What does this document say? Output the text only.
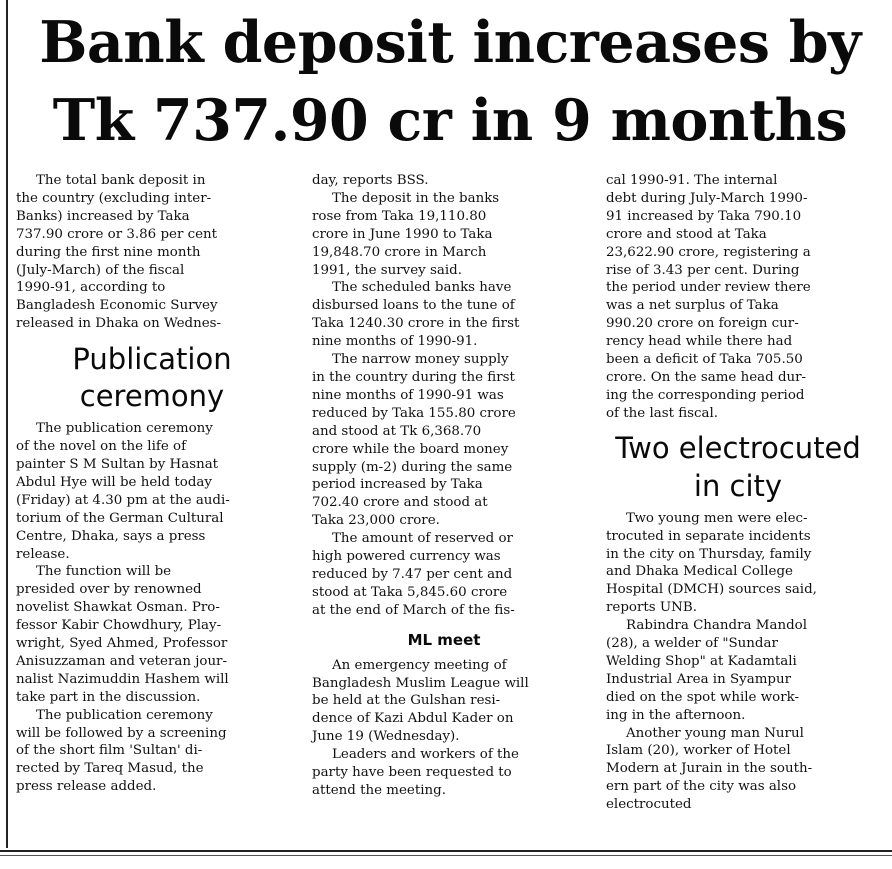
Bank deposit increases by
Tk 737.90 cr in 9 months

The total bank deposit in
the country (excluding inter-
Banks) increased by Taka
737.90 crore or 3.86 per cent
during the first nine month
(July-March) of the fiscal
1990-91, according to
Bangladesh Economic Survey
released in Dhaka on Wednes-

Publication
ceremony

The publication ceremony
of the novel on the life of
painter S M Sultan by Hasnat
Abdul Hye will be held today
(Friday) at 4.30 pm at the audi-
torium of the German Cultural
Centre, Dhaka, says a press
release.

The function will be
presided over by renowned
novelist Shawkat Osman. Pro-
fessor Kabir Chowdhury, Play-
wright, Syed Ahmed, Professor
Anisuzzaman and veteran jour-
nalist Nazimuddin Hashem will
take part in the discussion.

The publication ceremony
will be followed by a screening
of the short film 'Sultan' di-
rected by Tareq Masud, the
press release added.

day, reports BSS.

The deposit in the banks
rose from Taka 19,110.80
crore in June 1990 to Taka
19,848.70 crore in March
1991, the survey said.

The scheduled banks have
disbursed loans to the tune of
Taka 1240.30 crore in the first
nine months of 1990-91.

The narrow money supply
in the country during the first
nine months of 1990-91 was
reduced by Taka 155.80 crore
and stood at Tk 6,368.70
crore while the board money
supply (m-2) during the same
period increased by Taka
702.40 crore and stood at
Taka 23,000 crore.

The amount of reserved or
high powered currency was
reduced by 7.47 per cent and
stood at Taka 5,845.60 crore
at the end of March of the fis-

ML meet

An emergency meeting of
Bangladesh Muslim League will
be held at the Gulshan resi-
dence of Kazi Abdul Kader on
June 19 (Wednesday).

Leaders and workers of the
party have been requested to
attend the meeting.

cal 1990-91. The internal
debt during July-March 1990-
91 increased by Taka 790.10
crore and stood at Taka
23,622.90 crore, registering a
rise of 3.43 per cent. During
the period under review there
was a net surplus of Taka
990.20 crore on foreign cur-
rency head while there had
been a deficit of Taka 705.50
crore. On the same head dur-
ing the corresponding period
of the last fiscal.

Two electrocuted
in city

Two young men were elec-
trocuted in separate incidents
in the city on Thursday, family
and Dhaka Medical College
Hospital (DMCH) sources said,
reports UNB.

Rabindra Chandra Mandol
(28), a welder of "Sundar
Welding Shop" at Kadamtali
Industrial Area in Syampur
died on the spot while work-
ing in the afternoon.

Another young man Nurul
Islam (20), worker of Hotel
Modern at Jurain in the south-
ern part of the city was also
electrocuted
